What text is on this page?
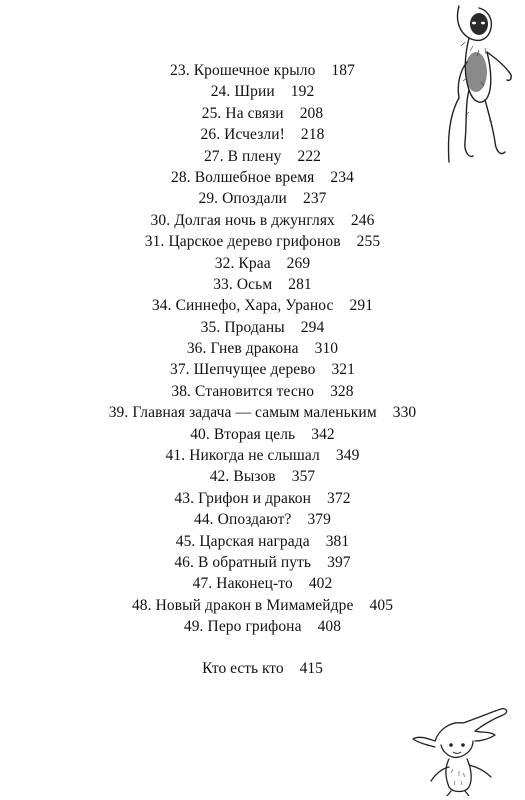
23. Крошечное крыло 187
24. Шрии 192
25. На связи 208
26. Исчезли! 218
27. В плену 222
28. Волшебное время 234
29. Опоздали 237
30. Долгая ночь в джунглях 246
31. Царское дерево грифонов 255
32. Краа 269
33. Осьм 281
34. Синнефо, Хара, Уранос 291
35. Проданы 294
36. Гнев дракона 310
37. Шепчущее дерево 321
38. Становится тесно 328
39. Главная задача — самым маленьким 330
40. Вторая цель 342
41. Никогда не слышал 349
42. Вызов 357
43. Грифон и дракон 372
44. Опоздают? 379
45. Царская награда 381
46. В обратный путь 397
47. Наконец-то 402
48. Новый дракон в Мимамейдре 405
49. Перо грифона 408
Кто есть кто 415
